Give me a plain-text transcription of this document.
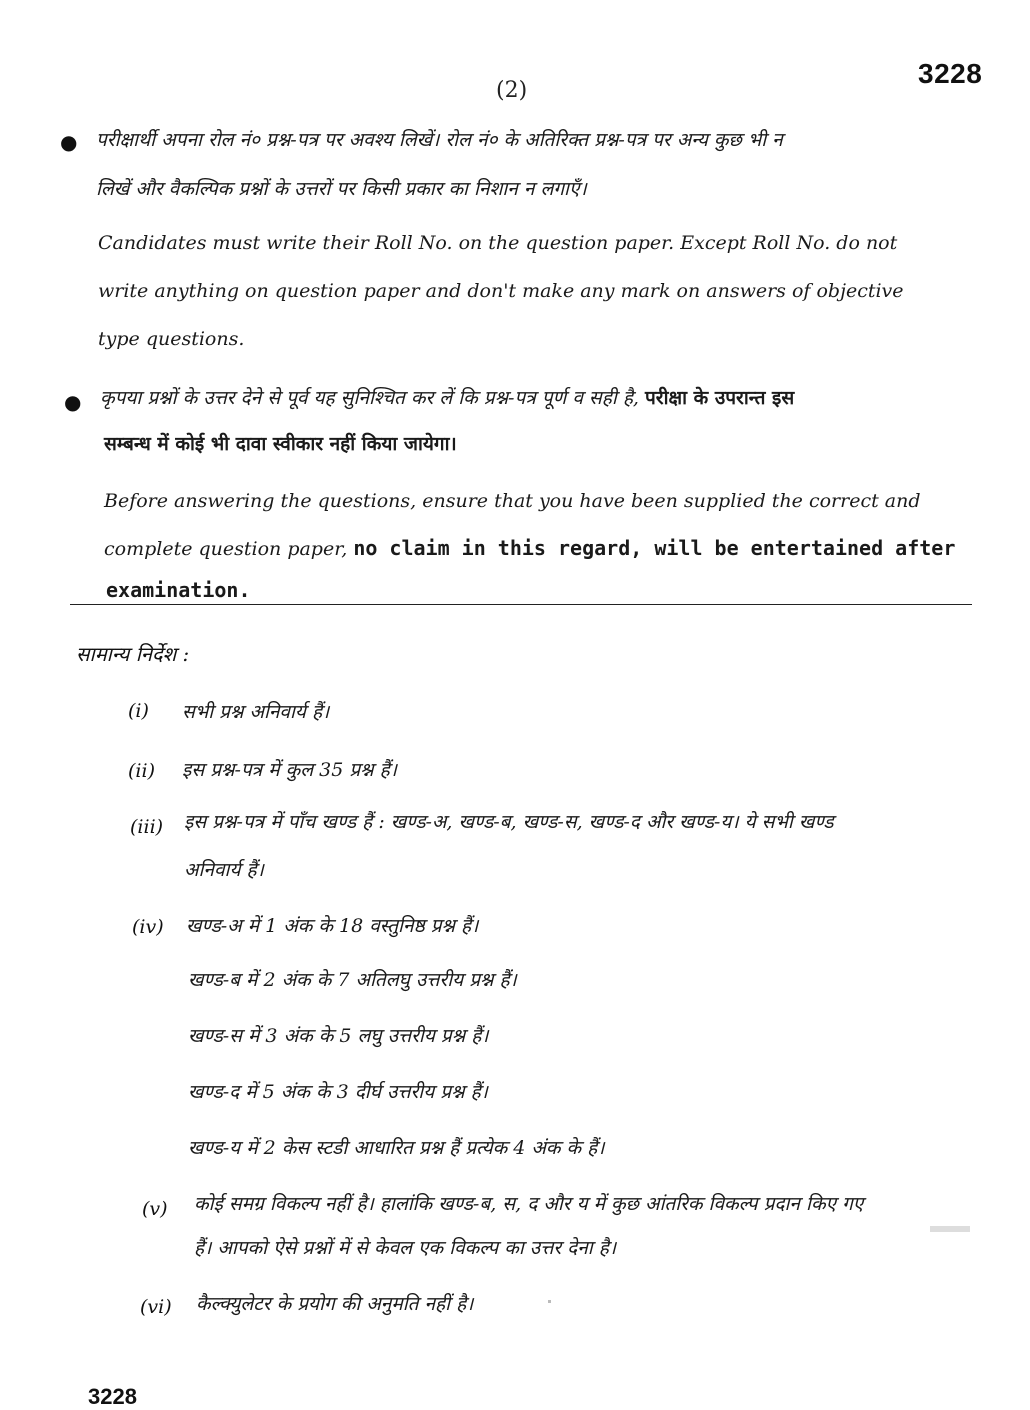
3228
(2)
● परीक्षार्थी अपना रोल नं० प्रश्न-पत्र पर अवश्य लिखें। रोल नं० के अतिरिक्त प्रश्न-पत्र पर अन्य कुछ भी न
लिखें और वैकल्पिक प्रश्नों के उत्तरों पर किसी प्रकार का निशान न लगाएँ।
Candidates must write their Roll No. on the question paper. Except Roll No. do not
write anything on question paper and don't make any mark on answers of objective
type questions.
● कृपया प्रश्नों के उत्तर देने से पूर्व यह सुनिश्चित कर लें कि प्रश्न-पत्र पूर्ण व सही है, परीक्षा के उपरान्त इस
सम्बन्ध में कोई भी दावा स्वीकार नहीं किया जायेगा।
Before answering the questions, ensure that you have been supplied the correct and
complete question paper, no claim in this regard, will be entertained after
examination.
सामान्य निर्देश :
(i) सभी प्रश्न अनिवार्य हैं।
(ii) इस प्रश्न-पत्र में कुल 35 प्रश्न हैं।
(iii) इस प्रश्न-पत्र में पाँच खण्ड हैं : खण्ड-अ, खण्ड-ब, खण्ड-स, खण्ड-द और खण्ड-य। ये सभी खण्ड
अनिवार्य हैं।
(iv) खण्ड-अ में 1 अंक के 18 वस्तुनिष्ठ प्रश्न हैं।
खण्ड-ब में 2 अंक के 7 अतिलघु उत्तरीय प्रश्न हैं।
खण्ड-स में 3 अंक के 5 लघु उत्तरीय प्रश्न हैं।
खण्ड-द में 5 अंक के 3 दीर्घ उत्तरीय प्रश्न हैं।
खण्ड-य में 2 केस स्टडी आधारित प्रश्न हैं प्रत्येक 4 अंक के हैं।
(v) कोई समग्र विकल्प नहीं है। हालांकि खण्ड-ब, स, द और य में कुछ आंतरिक विकल्प प्रदान किए गए
हैं। आपको ऐसे प्रश्नों में से केवल एक विकल्प का उत्तर देना है।
(vi) कैल्क्युलेटर के प्रयोग की अनुमति नहीं है।
3228
